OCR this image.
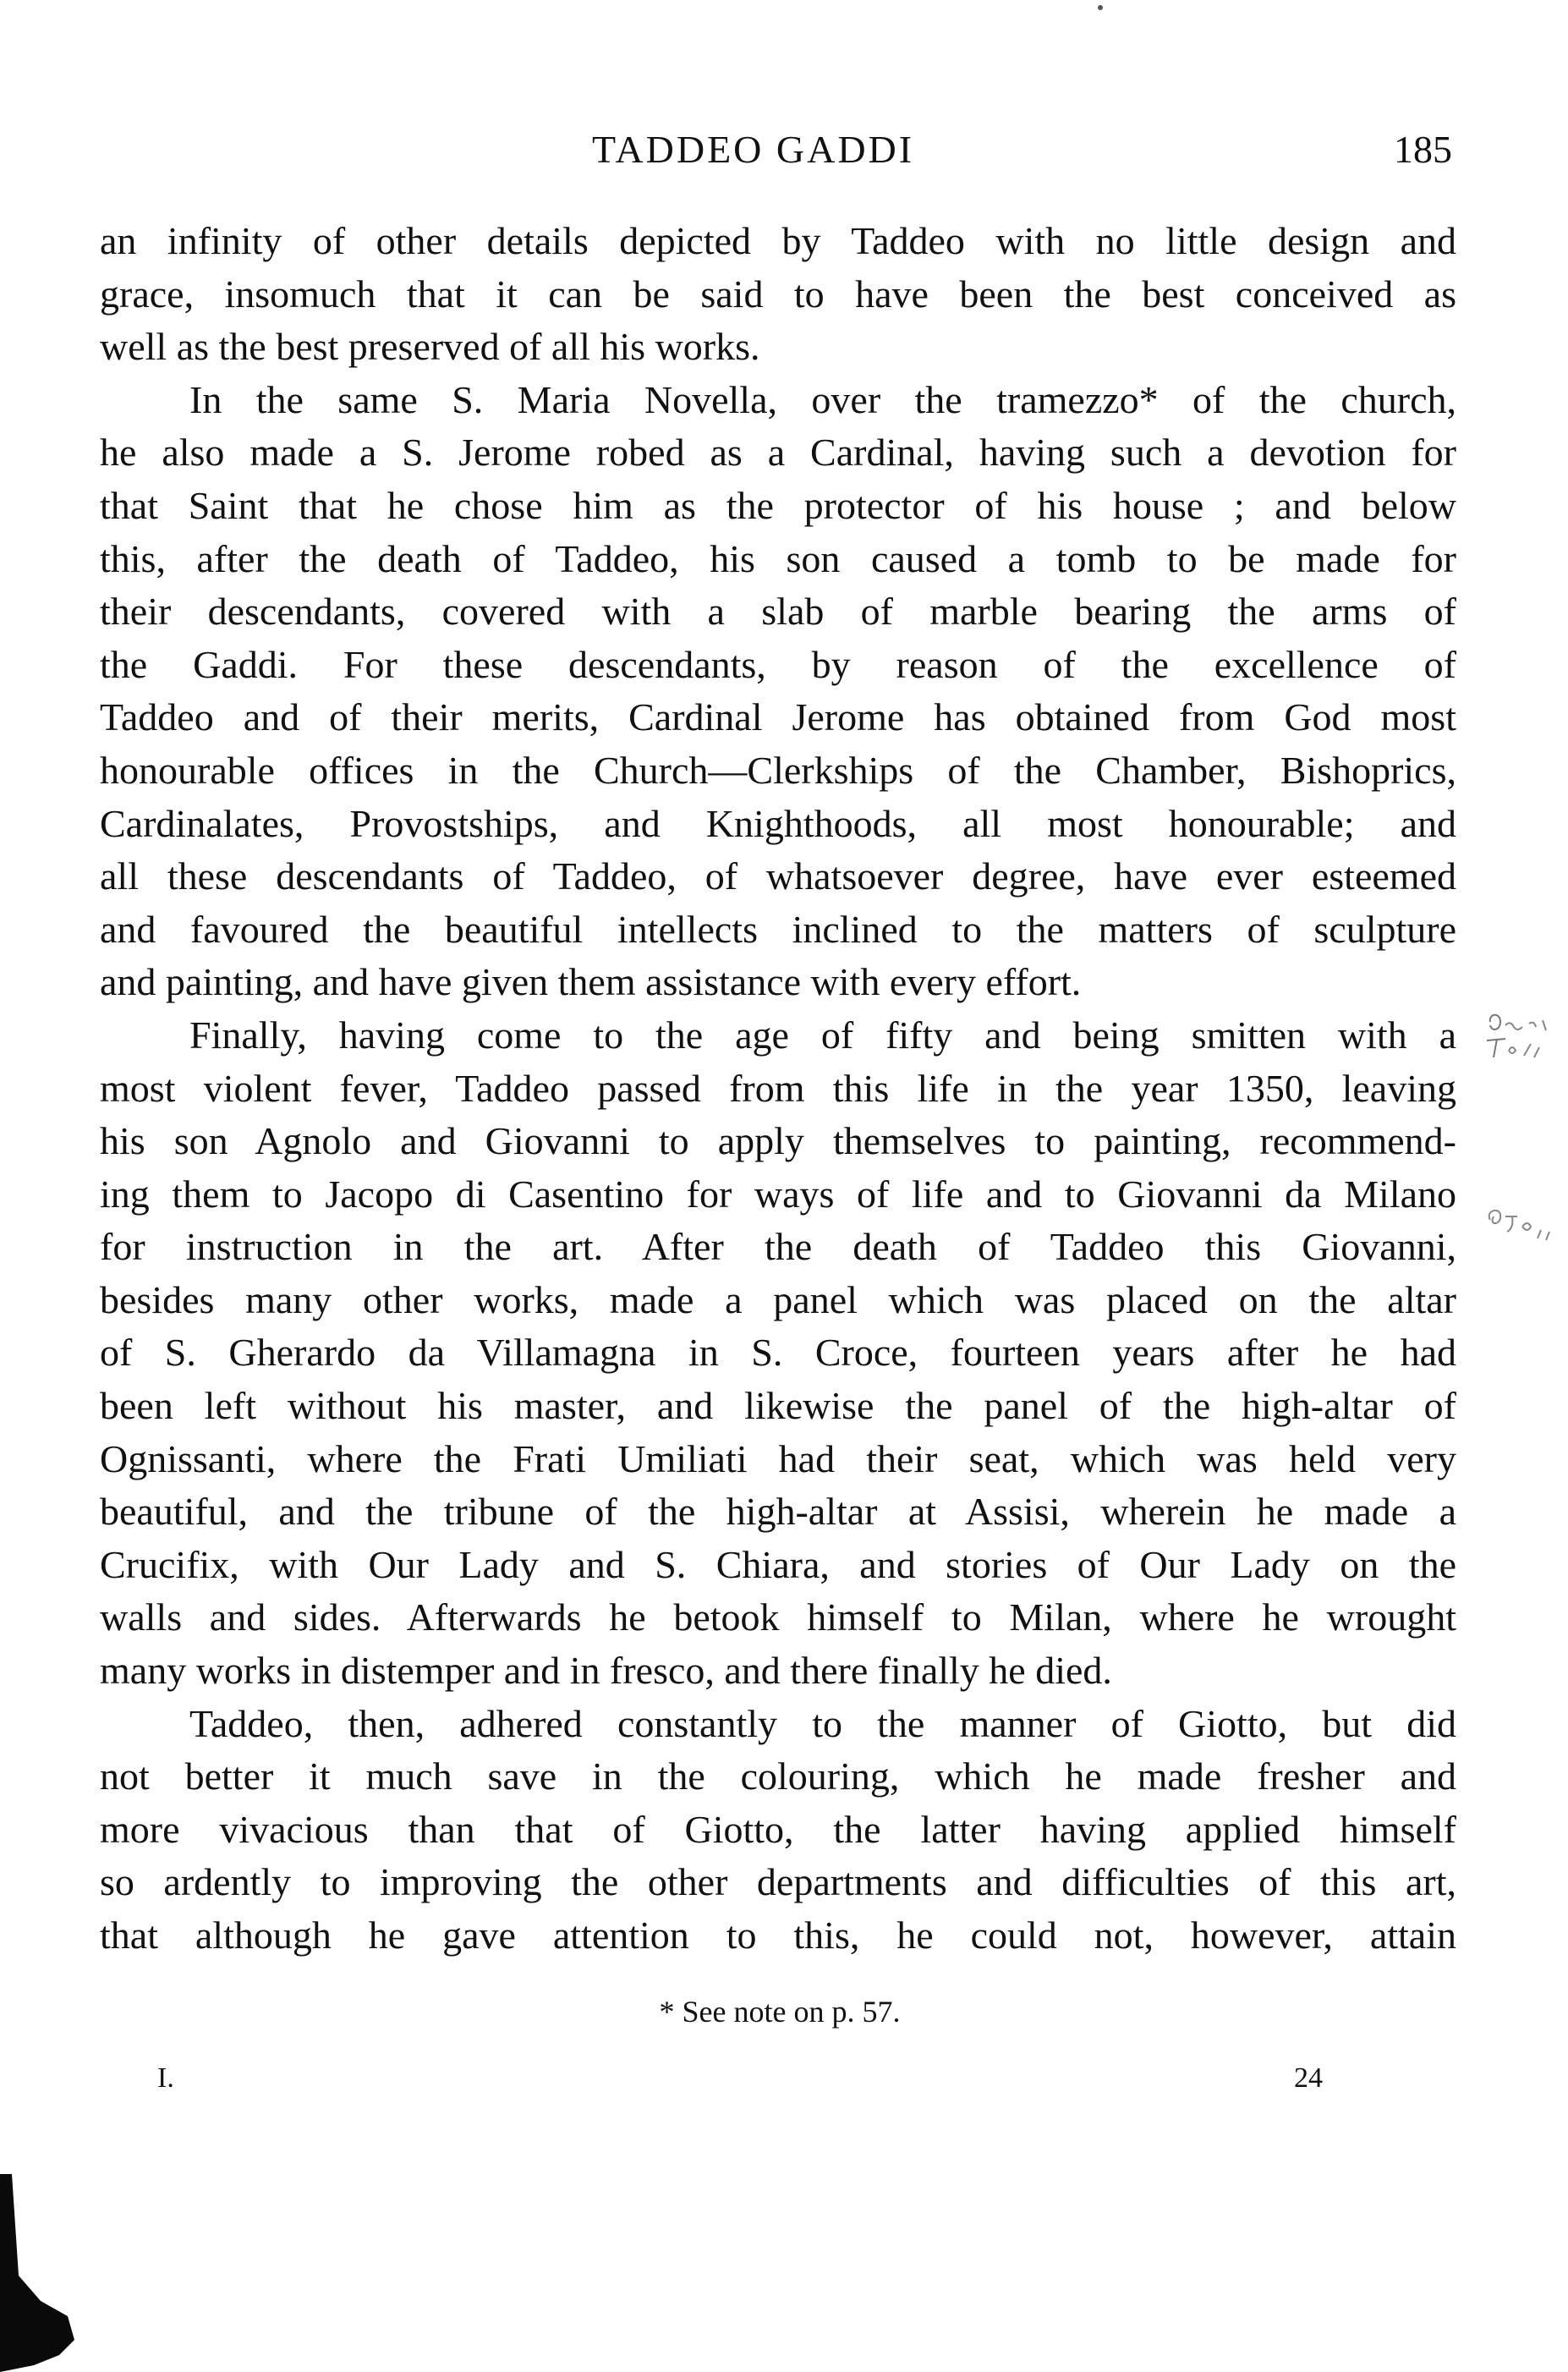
TADDEO GADDI	185
an infinity of other details depicted by Taddeo with no little design and
grace, insomuch that it can be said to have been the best conceived as
well as the best preserved of all his works.
In the same S. Maria Novella, over the tramezzo* of the church,
he also made a S. Jerome robed as a Cardinal, having such a devotion for
that Saint that he chose him as the protector of his house ; and below
this, after the death of Taddeo, his son caused a tomb to be made for
their descendants, covered with a slab of marble bearing the arms of
the Gaddi. For these descendants, by reason of the excellence of
Taddeo and of their merits, Cardinal Jerome has obtained from God most
honourable offices in the Church—Clerkships of the Chamber, Bishoprics,
Cardinalates, Provostships, and Knighthoods, all most honourable; and
all these descendants of Taddeo, of whatsoever degree, have ever esteemed
and favoured the beautiful intellects inclined to the matters of sculpture
and painting, and have given them assistance with every effort.
Finally, having come to the age of fifty and being smitten with a
most violent fever, Taddeo passed from this life in the year 1350, leaving
his son Agnolo and Giovanni to apply themselves to painting, recommend-
ing them to Jacopo di Casentino for ways of life and to Giovanni da Milano
for instruction in the art. After the death of Taddeo this Giovanni,
besides many other works, made a panel which was placed on the altar
of S. Gherardo da Villamagna in S. Croce, fourteen years after he had
been left without his master, and likewise the panel of the high-altar of
Ognissanti, where the Frati Umiliati had their seat, which was held very
beautiful, and the tribune of the high-altar at Assisi, wherein he made a
Crucifix, with Our Lady and S. Chiara, and stories of Our Lady on the
walls and sides. Afterwards he betook himself to Milan, where he wrought
many works in distemper and in fresco, and there finally he died.
Taddeo, then, adhered constantly to the manner of Giotto, but did
not better it much save in the colouring, which he made fresher and
more vivacious than that of Giotto, the latter having applied himself
so ardently to improving the other departments and difficulties of this art,
that although he gave attention to this, he could not, however, attain
* See note on p. 57.
I.	24
